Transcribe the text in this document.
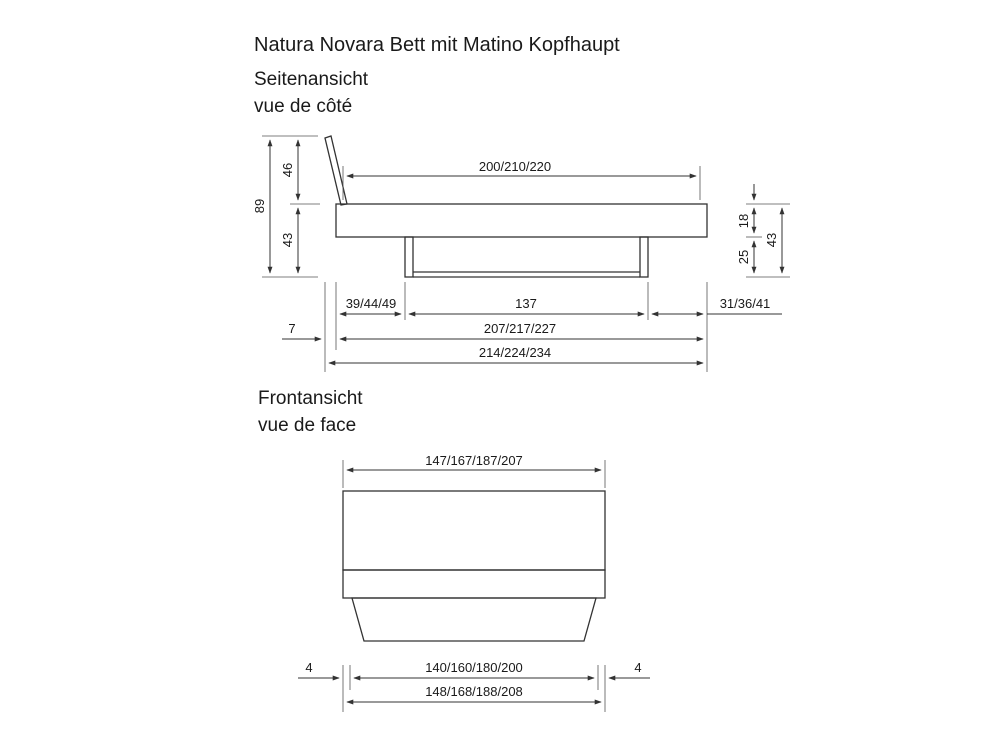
Natura Novara Bett mit Matino Kopfhaupt
Seitenansicht
vue de côté
Frontansicht
vue de face
89
46
43
200/210/220
18
25
43
39/44/49	137	31/36/41
7	207/217/227
214/224/234
147/167/187/207
4	140/160/180/200	4
148/168/188/208
